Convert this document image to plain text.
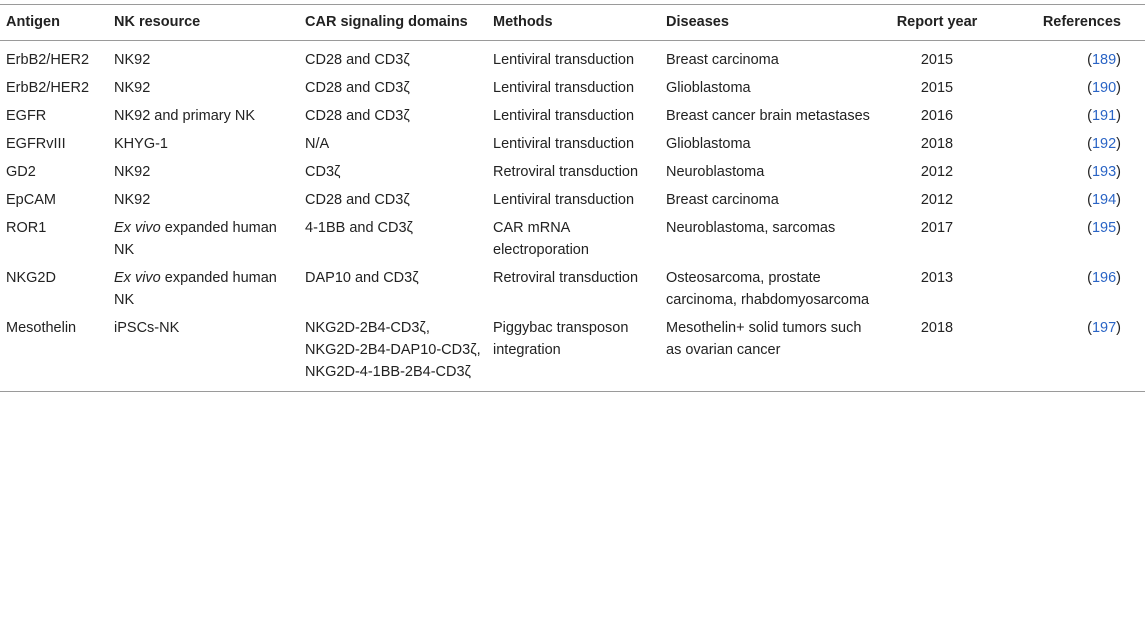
Antigen	NK resource	CAR signaling domains	Methods	Diseases	Report year	References
ErbB2/HER2	NK92	CD28 and CD3ζ	Lentiviral transduction	Breast carcinoma	2015	(189)
ErbB2/HER2	NK92	CD28 and CD3ζ	Lentiviral transduction	Glioblastoma	2015	(190)
EGFR	NK92 and primary NK	CD28 and CD3ζ	Lentiviral transduction	Breast cancer brain metastases	2016	(191)
EGFRvIII	KHYG-1	N/A	Lentiviral transduction	Glioblastoma	2018	(192)
GD2	NK92	CD3ζ	Retroviral transduction	Neuroblastoma	2012	(193)
EpCAM	NK92	CD28 and CD3ζ	Lentiviral transduction	Breast carcinoma	2012	(194)
ROR1	Ex vivo expanded human NK	4-1BB and CD3ζ	CAR mRNA electroporation	Neuroblastoma, sarcomas	2017	(195)
NKG2D	Ex vivo expanded human NK	DAP10 and CD3ζ	Retroviral transduction	Osteosarcoma, prostate carcinoma, rhabdomyosarcoma	2013	(196)
Mesothelin	iPSCs-NK	NKG2D-2B4-CD3ζ, NKG2D-2B4-DAP10-CD3ζ, NKG2D-4-1BB-2B4-CD3ζ	Piggybac transposon integration	Mesothelin+ solid tumors such as ovarian cancer	2018	(197)
